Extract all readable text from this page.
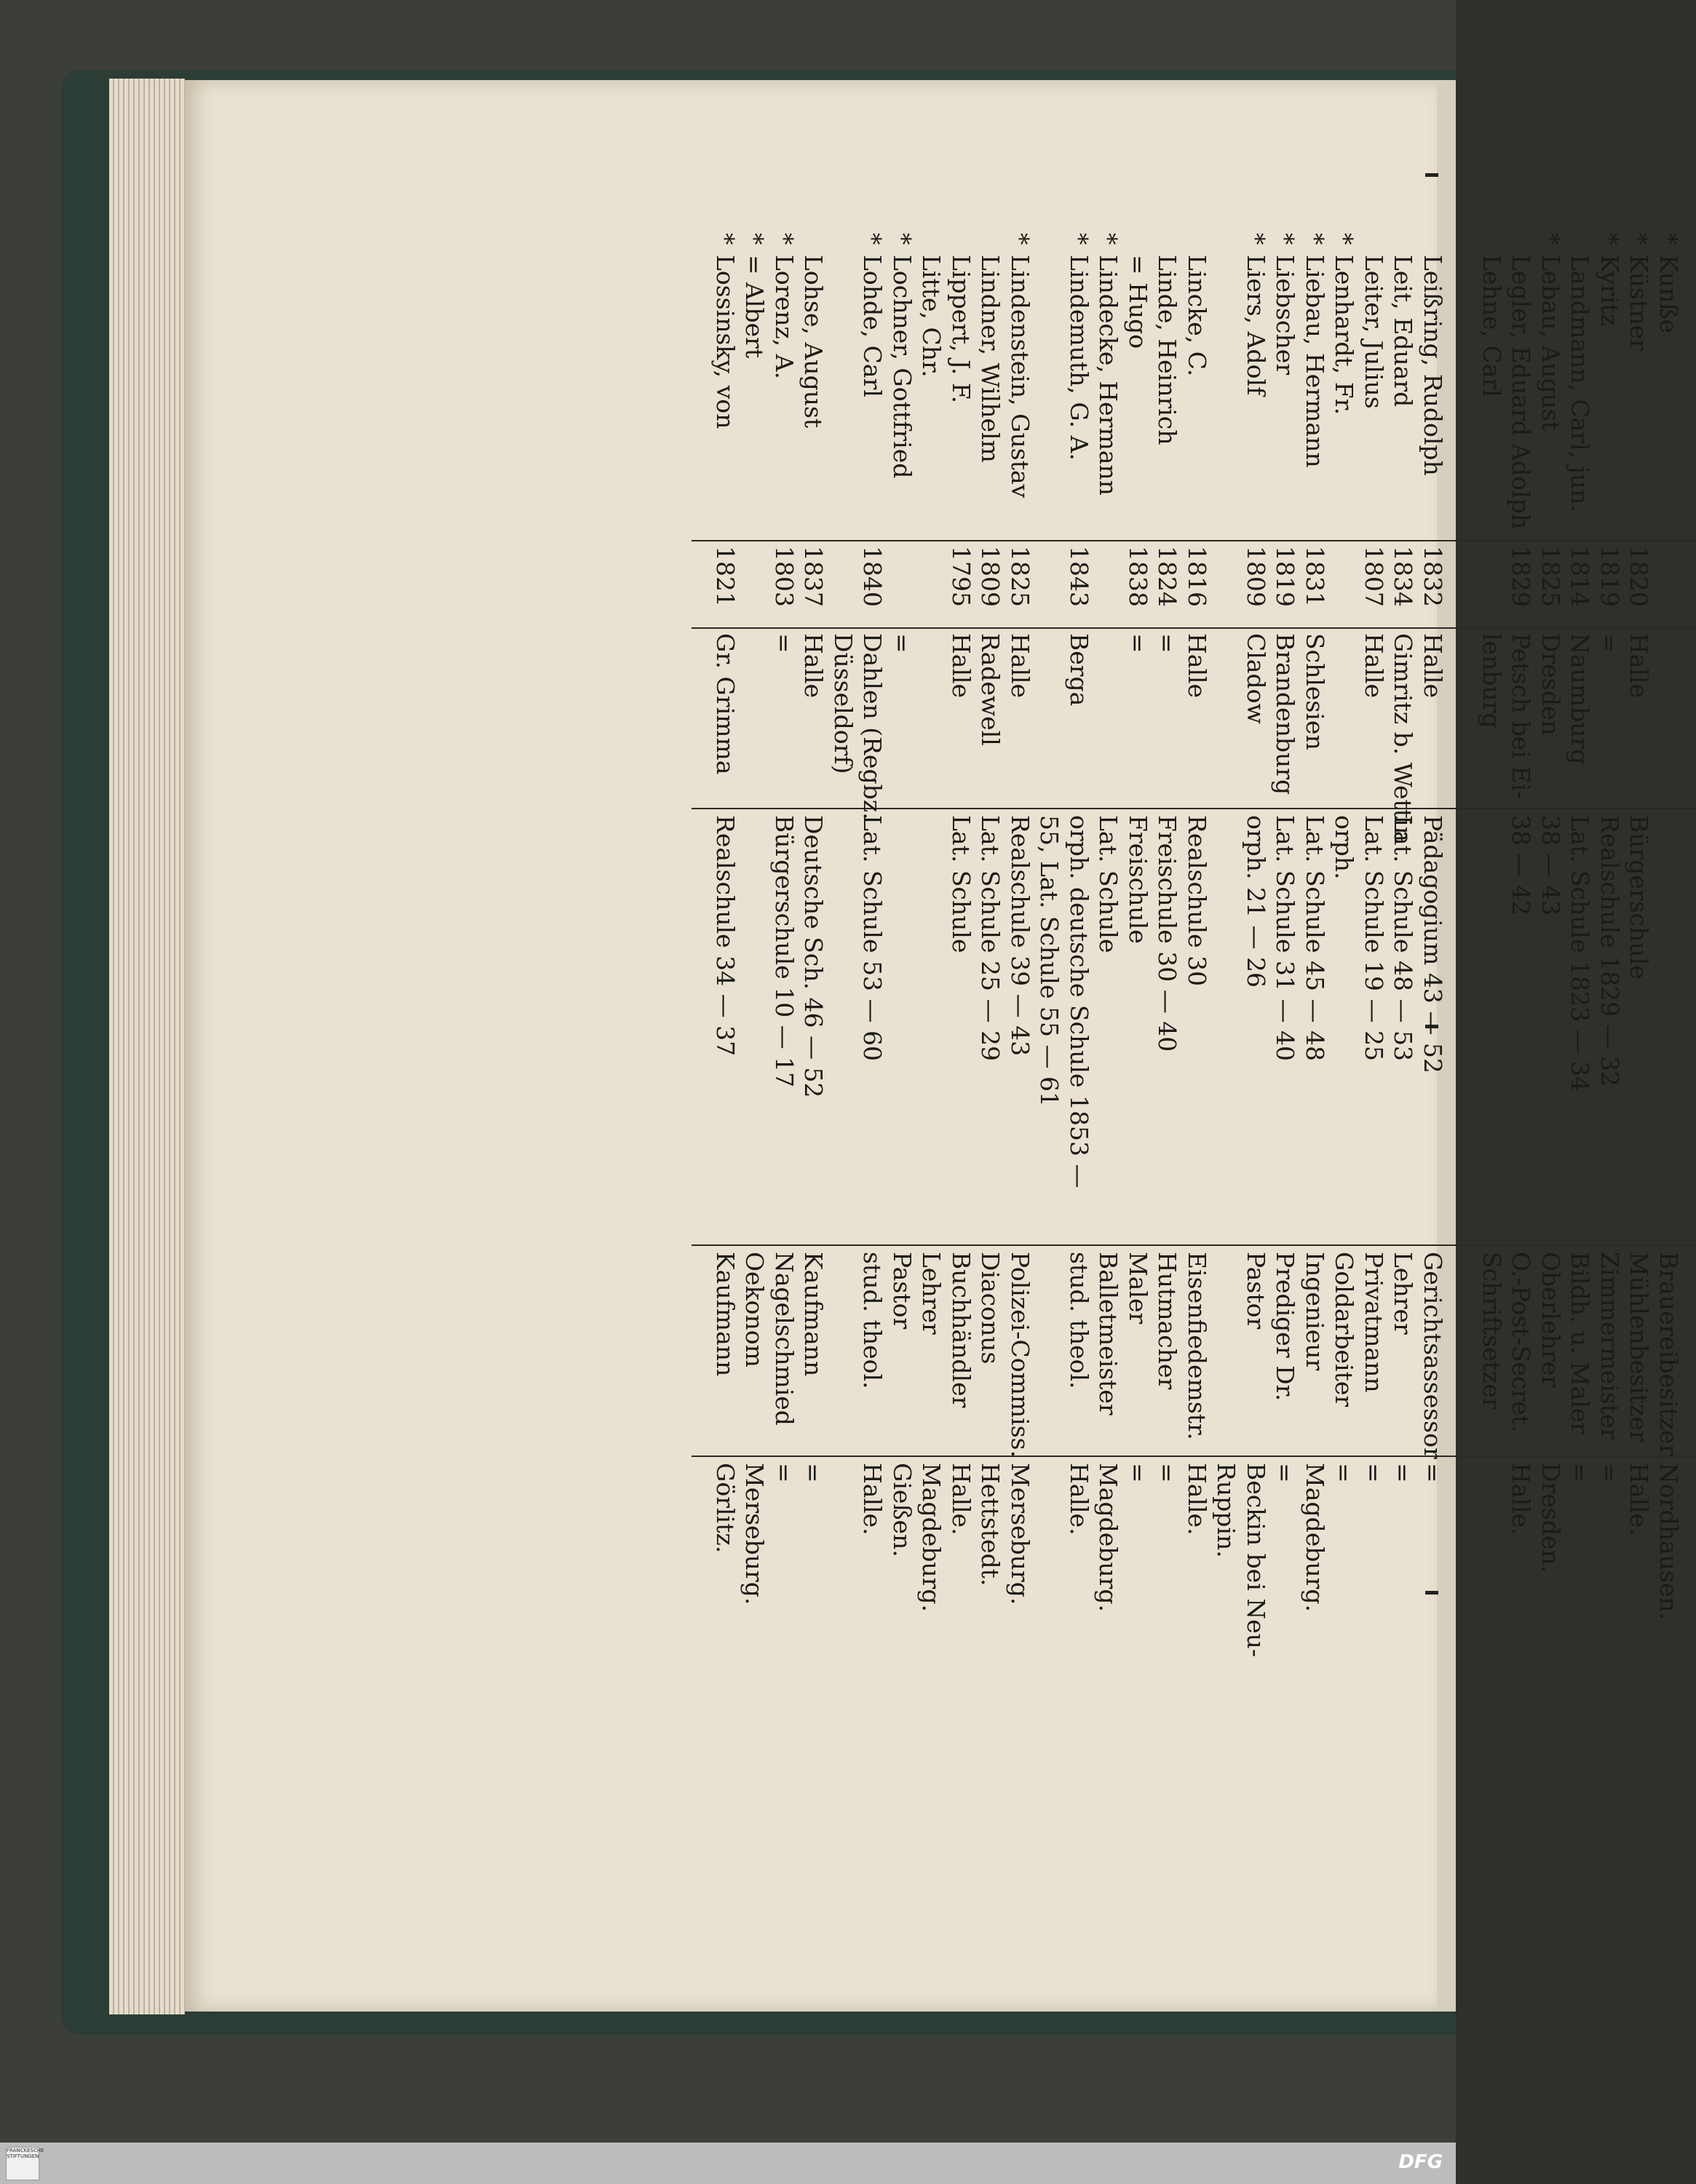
*
Kunße
Brauereibesitzer
Nordhausen.
*
Küstner
1820
Halle
Bürgerschule
Mühlenbesitzer
Halle.
*
Kyritz
1819
=
Realschule 1829 — 32
Zimmermeister
=
Landmann, Carl, jun.
1814
Naumburg
Lat. Schule 1823 — 34
Bildh. u. Maler
=
*
Lebau, August
1825
Dresden
38 — 43
Oberlehrer
Dresden.
Legler, Eduard Adolph
1829
Petsch bei Ei-
38 — 42
O.-Post-Secret.
Halle.
Lehne, Carl
lenburg
Schriftsetzer
Leißring, Rudolph
1832
Halle
Pädagogium 43 — 52
Gerichtsassessor
=
Leit, Eduard
1834
Gimritz b. Wettin
Lat. Schule 48 — 53
Lehrer
=
Leiter, Julius
1807
Halle
Lat. Schule 19 — 25
Privatmann
=
*
Lenhardt, Fr.
orph.
Goldarbeiter
=
*
Liebau, Hermann
1831
Schlesien
Lat. Schule 45 — 48
Ingenieur
Magdeburg.
*
Liebscher
1819
Brandenburg
Lat. Schule 31 — 40
Prediger Dr.
=
*
Liers, Adolf
1809
Cladow
orph. 21 — 26
Pastor
Beckin bei Neu-
Ruppin.
Lincke, C.
1816
Halle
Realschule 30
Eisenfiedemstr.
Halle.
Linde, Heinrich
1824
=
Freischule 30 — 40
Hutmacher
=
= Hugo
1838
=
Freischule
Maler
=
*
Lindecke, Hermann
Lat. Schule
Balletmeister
Magdeburg.
*
Lindemuth, G. A.
1843
Berga
orph. deutsche Schule 1853 —
stud. theol.
Halle.
55, Lat. Schule 55 — 61
*
Lindenstein, Gustav
1825
Halle
Realschule 39 — 43
Polizei-Commiss.
Merseburg.
Lindner, Wilhelm
1809
Radewell
Lat. Schule 25 — 29
Diaconus
Hettstedt.
Lippert, J. F.
1795
Halle
Lat. Schule
Buchhändler
Halle.
Litte, Chr.
Lehrer
Magdeburg.
*
Lochner, Gottfried
=
Pastor
Gießen.
*
Lohde, Carl
1840
Dahlen (Regbz.
Lat. Schule 53 — 60
stud. theol.
Halle.
Düsseldorf)
Lohse, August
1837
Halle
Deutsche Sch. 46 — 52
Kaufmann
=
*
Lorenz, A.
1803
=
Bürgerschule 10 — 17
Nagelschmied
=
*
= Albert
Oekonom
Merseburg.
*
Lossinsky, von
1821
Gr. Grimma
Realschule 34 — 37
Kaufmann
Görlitz.
FRANCKESCHE STIFTUNGEN	DFG
